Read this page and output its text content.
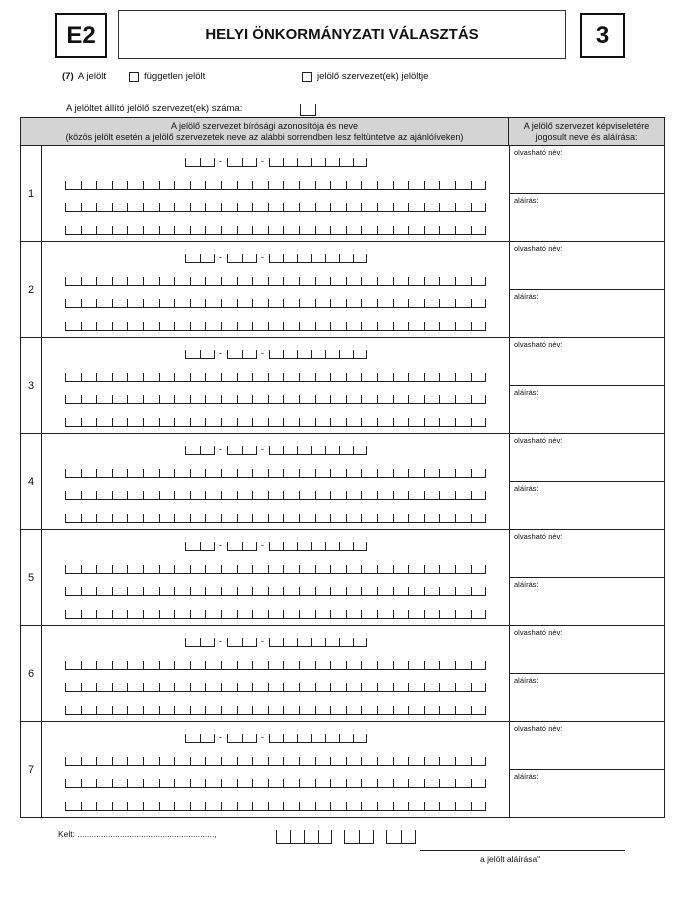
E2	HELYI ÖNKORMÁNYZATI VÁLASZTÁS	3
(7) A jelölt	független jelölt	jelölő szervezet(ek) jelöltje
A jelöltet állító jelölő szervezet(ek) száma:
A jelölő szervezet bírósági azonosítója és neve
(közös jelölt esetén a jelölő szervezetek neve az alábbi sorrendben lesz feltüntetve az ajánlóíveken)
A jelölő szervezet képviseletére
jogosult neve és aláírása:
1
-	-
olvasható név:
aláírás:
2
-	-
olvasható név:
aláírás:
3
-	-
olvasható név:
aláírás:
4
-	-
olvasható név:
aláírás:
5
-	-
olvasható név:
aláírás:
6
-	-
olvasható név:
aláírás:
7
-	-
olvasható név:
aláírás:
Kelt: ..........................................................,
a jelölt aláírása"
